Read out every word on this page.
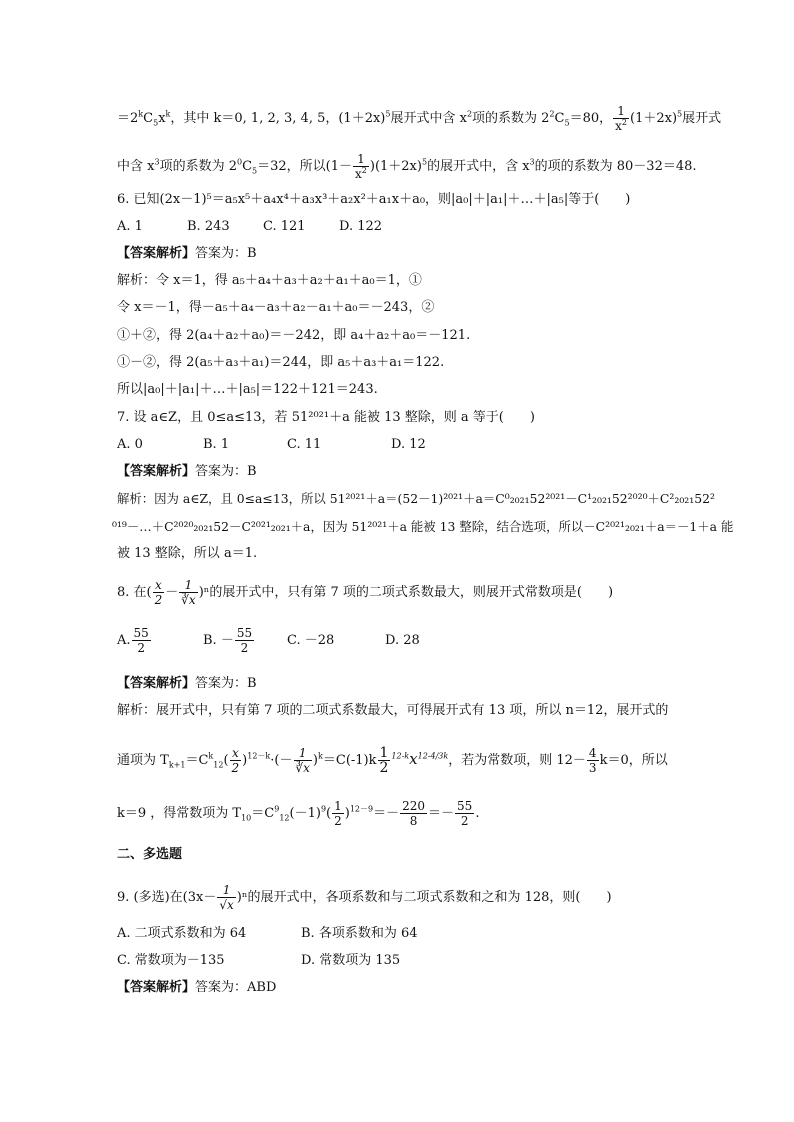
$=2^kC_5x^k$，其中 k＝0, 1, 2, 3, 4, 5，$(1+2x)^5$展开式中含 $x^2$项的系数为 $2^2C_5=80$， $\frac{1}{x^2} (1+2x)^5$展开式
中含 $x^3$项的系数为 $2^0C_5=32$，所以$(1- \frac{1}{x^2} )(1+2x)^5$的展开式中，含 $x^3$的项的系数为 80－32＝48.
6. 已知(2x－1)⁵＝a₅x⁵＋a₄x⁴＋a₃x³＋a₂x²＋a₁x＋a₀，则|a₀|＋|a₁|＋…＋|a₅|等于(　　)
A. 1	B. 243	C. 121	D. 122
【答案解析】答案为：B
解析：令 x＝1，得 a₅＋a₄＋a₃＋a₂＋a₁＋a₀＝1，①
令 x＝－1，得－a₅＋a₄－a₃＋a₂－a₁＋a₀＝－243，②
①＋②，得 2(a₄＋a₂＋a₀)＝－242，即 a₄＋a₂＋a₀＝－121.
①－②，得 2(a₅＋a₃＋a₁)＝244，即 a₅＋a₃＋a₁＝122.
所以|a₀|＋|a₁|＋…＋|a₅|＝122＋121＝243.
7. 设 a∈Z，且 0≤a≤13，若 51²⁰²¹＋a 能被 13 整除，则 a 等于(　　)
A. 0	B. 1	C. 11	D. 12
【答案解析】答案为：B
解析：因为 a∈Z，且 0≤a≤13，所以 51²⁰²¹＋a＝(52－1)²⁰²¹＋a＝C⁰₂₀₂₁52²⁰²¹－C¹₂₀₂₁52²⁰²⁰＋C²₂₀₂₁52²
⁰¹⁹－…＋C²⁰²⁰₂₀₂₁52－C²⁰²¹₂₀₂₁＋a，因为 51²⁰²¹＋a 能被 13 整除，结合选项，所以－C²⁰²¹₂₀₂₁＋a＝－1＋a 能
被 13 整除，所以 a＝1.
8. 在( $\frac{x}{2} - \frac{1}{∛x} )^n$的展开式中，只有第 7 项的二项式系数最大，则展开式常数项是(　　)
A. $\frac{55}{2}$	B. － $\frac{55}{2}$	C. －28	D. 28
【答案解析】答案为：B
解析：展开式中，只有第 7 项的二项式系数最大，可得展开式有 13 项，所以 n＝12，展开式的
通项为 $T_{k+1}=C^k_{12}( \frac{x}{2} )^{12-k}\cdot(- \frac{1}{∛x} )^k=C(-1)k \frac{1}{2} ^{12-k}x^{12-4/3k}$，若为常数项，则 $12- \frac{4}{3} k=0$，所以
k＝9 ，得常数项为 $T_{10}=C^9_{12}(-1)^9( \frac{1}{2} )^{12-9}=- \frac{220}{8} =- \frac{55}{2}$ .
二、多选题
9. (多选)在$(3x- \frac{1}{√x} )^n$的展开式中，各项系数和与二项式系数和之和为 128，则(　　)
A. 二项式系数和为 64	B. 各项系数和为 64
C. 常数项为－135	D. 常数项为 135
【答案解析】答案为：ABD
